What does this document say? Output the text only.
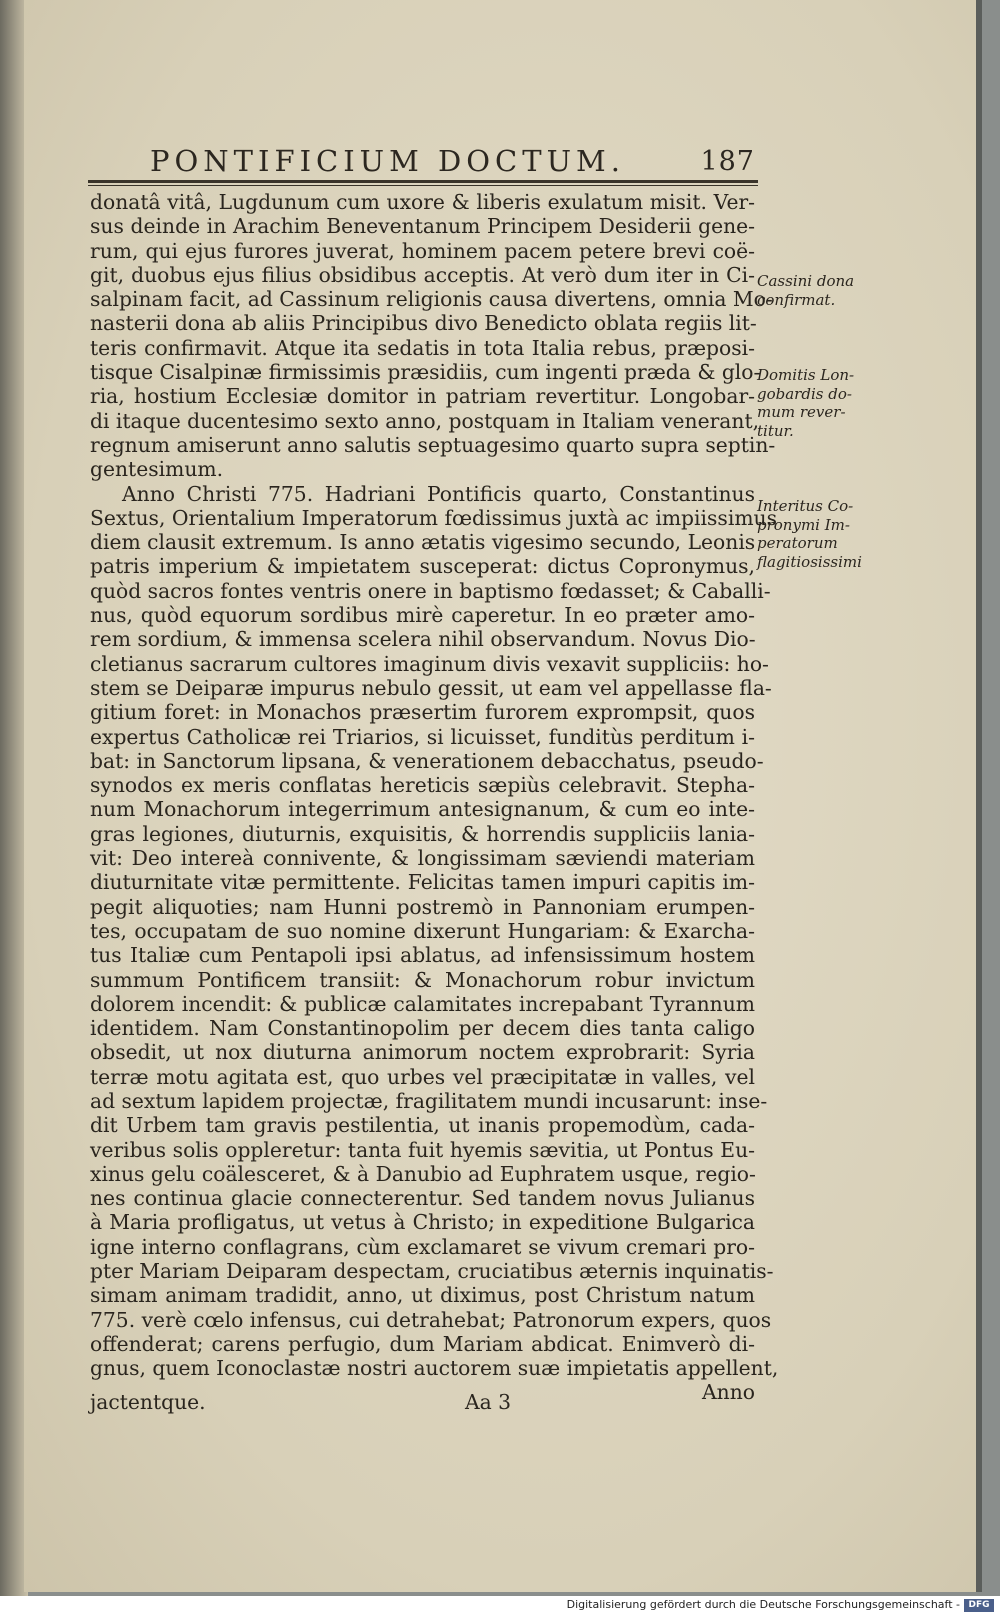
PONTIFICIUM DOCTUM.	187
donatâ vitâ, Lugdunum cum uxore & liberis exulatum misit. Ver-
sus deinde in Arachim Beneventanum Principem Desiderii gene-
rum, qui ejus furores juverat, hominem pacem petere brevi coë-
git, duobus ejus filius obsidibus acceptis. At verò dum iter in Ci-
salpinam facit, ad Cassinum religionis causa divertens, omnia Mo-
nasterii dona ab aliis Principibus divo Benedicto oblata regiis lit-
teris confirmavit. Atque ita sedatis in tota Italia rebus, præposi-
tisque Cisalpinæ firmissimis præsidiis, cum ingenti præda & glo-
ria, hostium Ecclesiæ domitor in patriam revertitur. Longobar-
di itaque ducentesimo sexto anno, postquam in Italiam venerant,
regnum amiserunt anno salutis septuagesimo quarto supra septin-
gentesimum.
Anno Christi 775. Hadriani Pontificis quarto, Constantinus
Sextus, Orientalium Imperatorum fœdissimus juxtà ac impiissimus
diem clausit extremum. Is anno ætatis vigesimo secundo, Leonis
patris imperium & impietatem susceperat: dictus Copronymus,
quòd sacros fontes ventris onere in baptismo fœdasset; & Caballi-
nus, quòd equorum sordibus mirè caperetur. In eo præter amo-
rem sordium, & immensa scelera nihil observandum. Novus Dio-
cletianus sacrarum cultores imaginum divis vexavit suppliciis: ho-
stem se Deiparæ impurus nebulo gessit, ut eam vel appellasse fla-
gitium foret: in Monachos præsertim furorem exprompsit, quos
expertus Catholicæ rei Triarios, si licuisset, funditùs perditum i-
bat: in Sanctorum lipsana, & venerationem debacchatus, pseudo-
synodos ex meris conflatas hereticis sæpiùs celebravit. Stepha-
num Monachorum integerrimum antesignanum, & cum eo inte-
gras legiones, diuturnis, exquisitis, & horrendis suppliciis lania-
vit: Deo intereà connivente, & longissimam sæviendi materiam
diuturnitate vitæ permittente. Felicitas tamen impuri capitis im-
pegit aliquoties; nam Hunni postremò in Pannoniam erumpen-
tes, occupatam de suo nomine dixerunt Hungariam: & Exarcha-
tus Italiæ cum Pentapoli ipsi ablatus, ad infensissimum hostem
summum Pontificem transiit: & Monachorum robur invictum
dolorem incendit: & publicæ calamitates increpabant Tyrannum
identidem. Nam Constantinopolim per decem dies tanta caligo
obsedit, ut nox diuturna animorum noctem exprobrarit: Syria
terræ motu agitata est, quo urbes vel præcipitatæ in valles, vel
ad sextum lapidem projectæ, fragilitatem mundi incusarunt: inse-
dit Urbem tam gravis pestilentia, ut inanis propemodùm, cada-
veribus solis oppleretur: tanta fuit hyemis sævitia, ut Pontus Eu-
xinus gelu coälesceret, & à Danubio ad Euphratem usque, regio-
nes continua glacie connecterentur. Sed tandem novus Julianus
à Maria profligatus, ut vetus à Christo; in expeditione Bulgarica
igne interno conflagrans, cùm exclamaret se vivum cremari pro-
pter Mariam Deiparam despectam, cruciatibus æternis inquinatis-
simam animam tradidit, anno, ut diximus, post Christum natum
775. verè cœlo infensus, cui detrahebat; Patronorum expers, quos
offenderat; carens perfugio, dum Mariam abdicat. Enimverò di-
gnus, quem Iconoclastæ nostri auctorem suæ impietatis appellent,
jactentque.	Aa 3	Anno
Cassini dona
confirmat.
Domitis Lon-
gobardis do-
mum rever-
titur.
Interitus Co-
pronymi Im-
peratorum
flagitiosissimi
Digitalisierung gefördert durch die Deutsche Forschungsgemeinschaft - DFG
